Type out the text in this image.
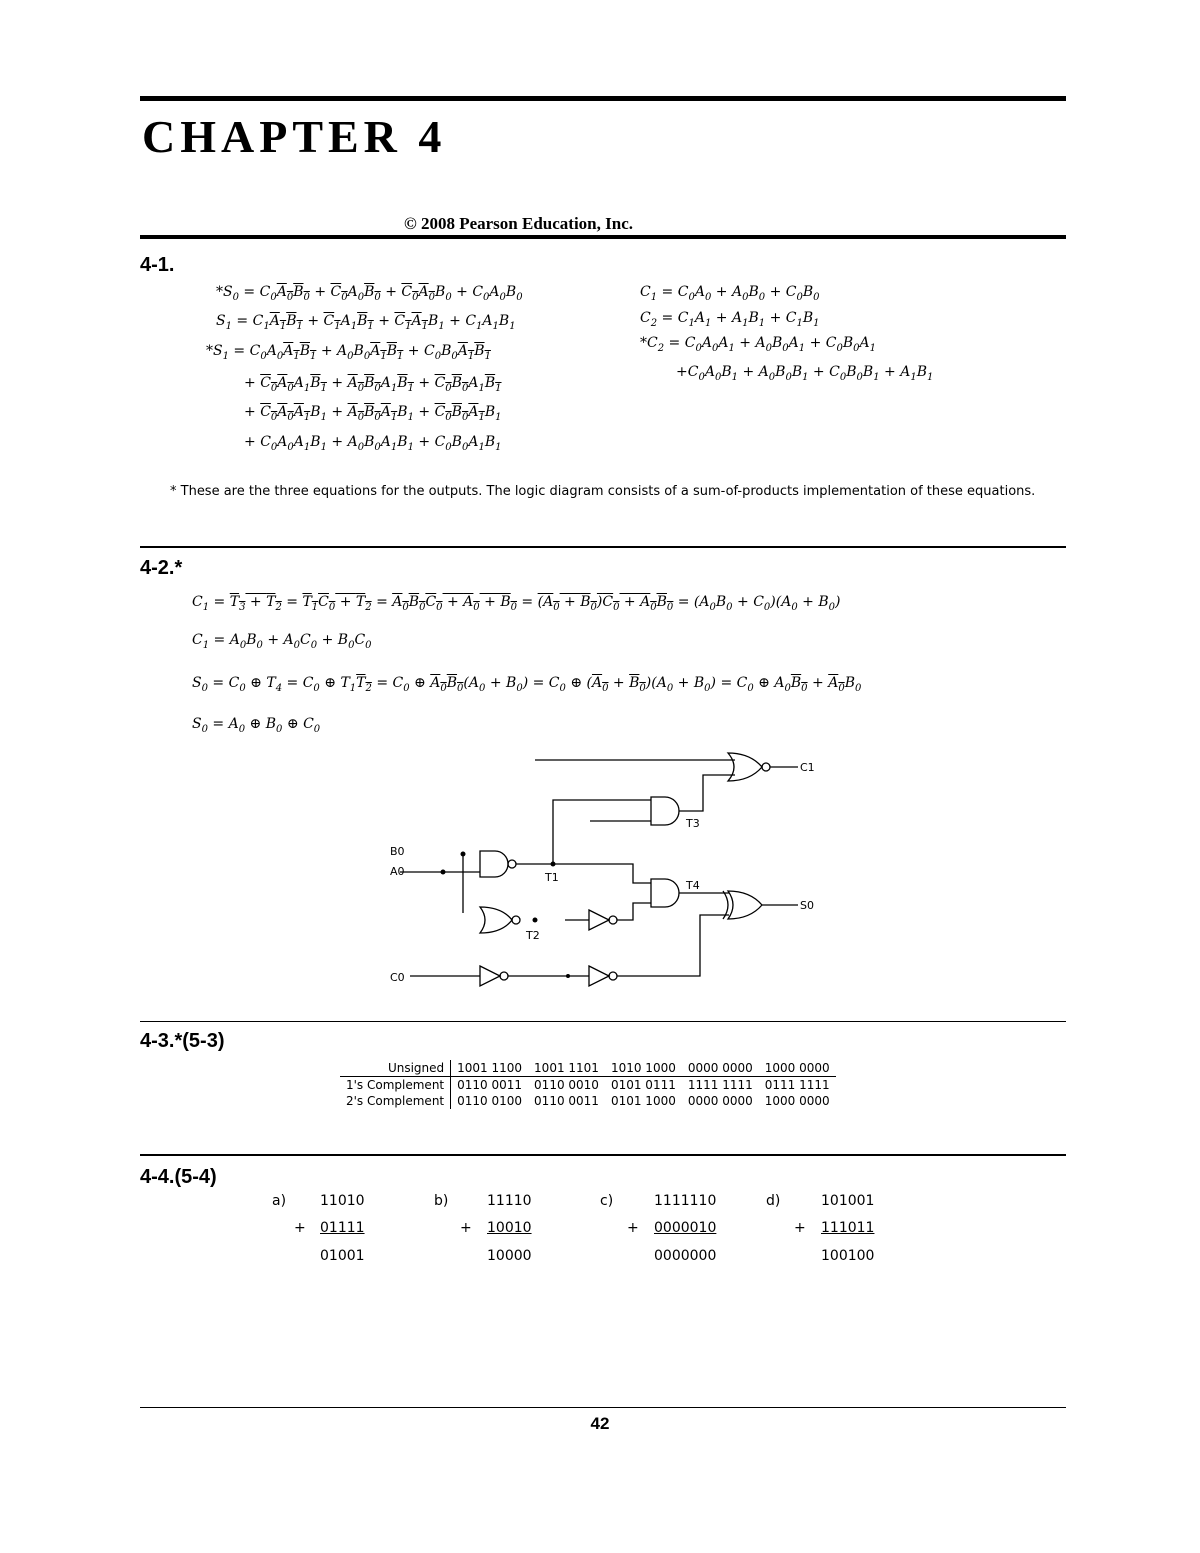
CHAPTER 4
© 2008 Pearson Education, Inc.
4-1.
$*S_0 = C_0A_0B_0 + C_0A_0B_0 + C_0A_0B_0 + C_0A_0B_0$
$S_1 = C_1A_1B_1 + C_1A_1B_1 + C_1A_1B_1 + C_1A_1B_1$
$*S_1 = C_0A_0A_1B_1 + A_0B_0A_1B_1 + C_0B_0A_1B_1$
+ $C_0A_0A_1B_1 + A_0B_0A_1B_1 + C_0B_0A_1B_1$
+ $C_0A_0A_1B_1 + A_0B_0A_1B_1 + C_0B_0A_1B_1$
+ $C_0A_0A_1B_1 + A_0B_0A_1B_1 + C_0B_0A_1B_1$
$C_1 = C_0A_0 + A_0B_0 + C_0B_0$
$C_2 = C_1A_1 + A_1B_1 + C_1B_1$
$*C_2 = C_0A_0A_1 + A_0B_0A_1 + C_0B_0A_1$
$+C_0A_0B_1 + A_0B_0B_1 + C_0B_0B_1 + A_1B_1$
* These are the three equations for the outputs. The logic diagram consists of a sum-of-products implementation of these equations.
4-2.*
$C_1 = T_3 + T_2 = T_1C_0 + T_2 = A_0B_0C_0 + A_0 + B_0 = (A_0 + B_0)C_0 + A_0B_0 = (A_0B_0 + C_0)(A_0 + B_0)$
$C_1 = A_0B_0 + A_0C_0 + B_0C_0$
$S_0 = C_0$ ⊕ $T_4 = C_0$ ⊕ $T_1T_2 = C_0$ ⊕ $A_0B_0(A_0 + B_0) = C_0$ ⊕ $(A_0 + B_0)(A_0 + B_0) = C_0$ ⊕ $A_0B_0 + A_0B_0$
$S_0 = A_0$ ⊕ $B_0$ ⊕ $C_0$
B0
A0
C0
C1
S0
T1
T2
T3
T4
4-3.*(5-3)
Unsigned	1001 1100	1001 1101	1010 1000	0000 0000	1000 0000
1's Complement	0110 0011	0110 0010	0101 0111	1111 1111	0111 1111
2's Complement	0110 0100	0110 0011	0101 1000	0000 0000	1000 0000
4-4.(5-4)
a) 11010
+ 01111
01001
b)	11110
+ 10010
10000
c)	1111110
+ 0000010
0000000
d)	101001
+ 111011
100100
42
